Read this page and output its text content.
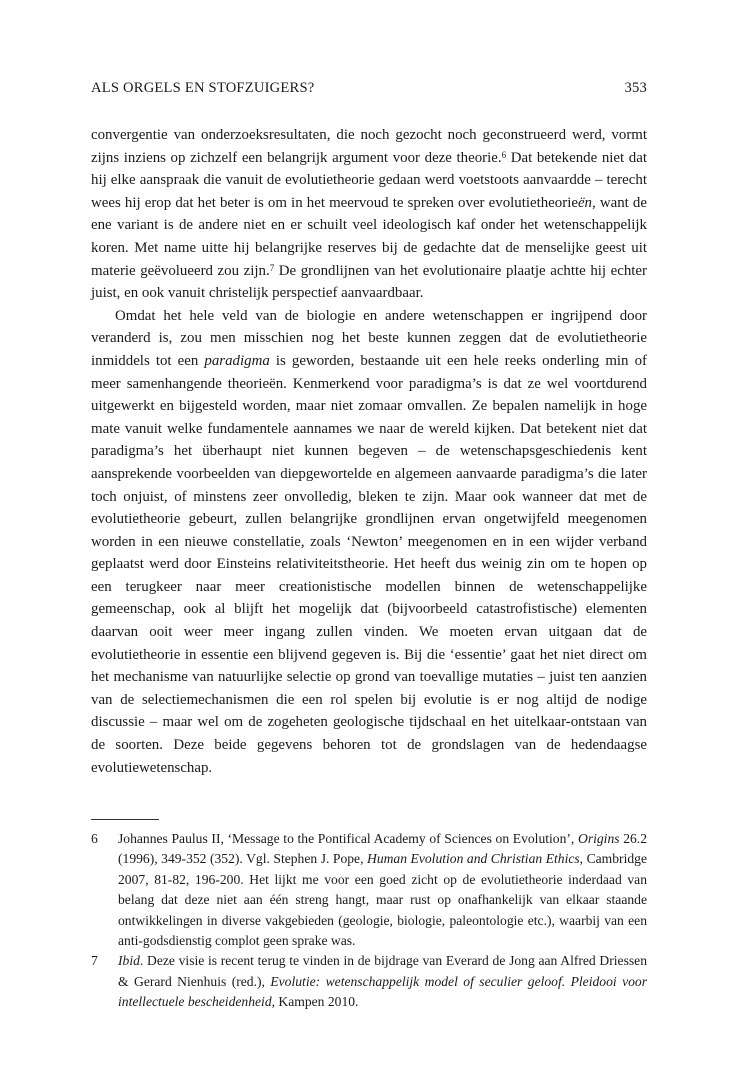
ALS ORGELS EN STOFZUIGERS?	353

convergentie van onderzoeksresultaten, die noch gezocht noch geconstrueerd werd, vormt zijns inziens op zichzelf een belangrijk argument voor deze theorie.$^6$ Dat betekende niet dat hij elke aanspraak die vanuit de evolutietheorie gedaan werd voetstoots aanvaardde – terecht wees hij erop dat het beter is om in het meervoud te spreken over evolutietheorieën, want de ene variant is de andere niet en er schuilt veel ideologisch kaf onder het wetenschappelijk koren. Met name uitte hij belangrijke reserves bij de gedachte dat de menselijke geest uit materie geëvolueerd zou zijn.$^7$ De grondlijnen van het evolutionaire plaatje achtte hij echter juist, en ook vanuit christelijk perspectief aanvaardbaar.

Omdat het hele veld van de biologie en andere wetenschappen er ingrijpend door veranderd is, zou men misschien nog het beste kunnen zeggen dat de evolutietheorie inmiddels tot een paradigma is geworden, bestaande uit een hele reeks onderling min of meer samenhangende theorieën. Kenmerkend voor paradigma’s is dat ze wel voortdurend uitgewerkt en bijgesteld worden, maar niet zomaar omvallen. Ze bepalen namelijk in hoge mate vanuit welke fundamentele aannames we naar de wereld kijken. Dat betekent niet dat paradigma’s het überhaupt niet kunnen begeven – de wetenschapsgeschiedenis kent aansprekende voorbeelden van diepgewortelde en algemeen aanvaarde paradigma’s die later toch onjuist, of minstens zeer onvolledig, bleken te zijn. Maar ook wanneer dat met de evolutietheorie gebeurt, zullen belangrijke grondlijnen ervan ongetwijfeld meegenomen worden in een nieuwe constellatie, zoals ‘Newton’ meegenomen en in een wijder verband geplaatst werd door Einsteins relativiteitstheorie. Het heeft dus weinig zin om te hopen op een terugkeer naar meer creationistische modellen binnen de wetenschappelijke gemeenschap, ook al blijft het mogelijk dat (bijvoorbeeld catastrofistische) elementen daarvan ooit weer meer ingang zullen vinden. We moeten ervan uitgaan dat de evolutietheorie in essentie een blijvend gegeven is. Bij die ‘essentie’ gaat het niet direct om het mechanisme van natuurlijke selectie op grond van toevallige mutaties – juist ten aanzien van de selectiemechanismen die een rol spelen bij evolutie is er nog altijd de nodige discussie – maar wel om de zogeheten geologische tijdschaal en het uitelkaar-ontstaan van de soorten. Deze beide gegevens behoren tot de grondslagen van de hedendaagse evolutiewetenschap.

6	Johannes Paulus II, ‘Message to the Pontifical Academy of Sciences on Evolution’, Origins 26.2 (1996), 349-352 (352). Vgl. Stephen J. Pope, Human Evolution and Christian Ethics, Cambridge 2007, 81-82, 196-200. Het lijkt me voor een goed zicht op de evolutietheorie inderdaad van belang dat deze niet aan één streng hangt, maar rust op onafhankelijk van elkaar staande ontwikkelingen in diverse vakgebieden (geologie, biologie, paleontologie etc.), waarbij van een anti-godsdienstig complot geen sprake was.
7	Ibid. Deze visie is recent terug te vinden in de bijdrage van Everard de Jong aan Alfred Driessen & Gerard Nienhuis (red.), Evolutie: wetenschappelijk model of seculier geloof. Pleidooi voor intellectuele bescheidenheid, Kampen 2010.
